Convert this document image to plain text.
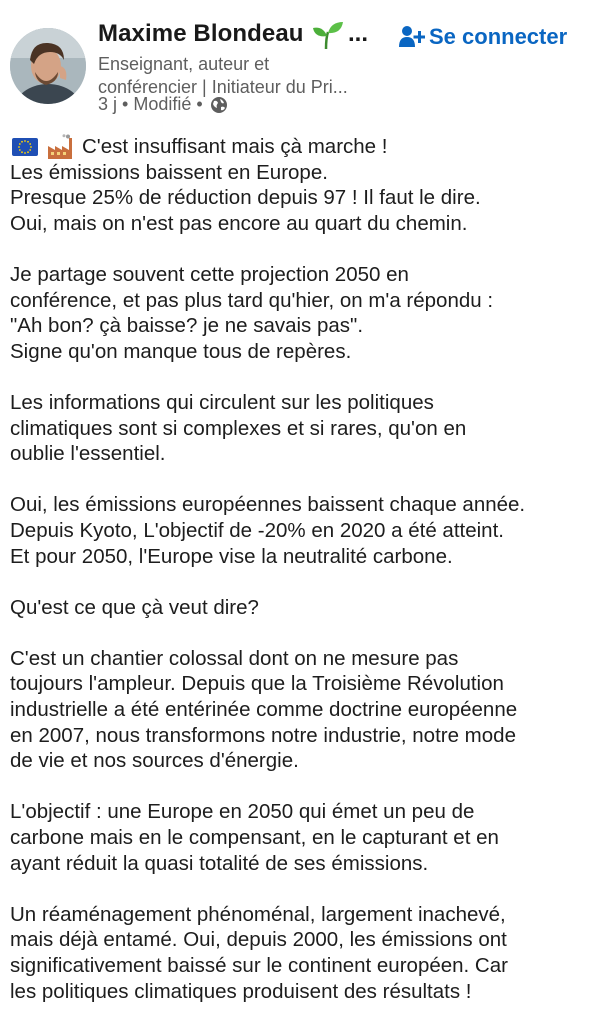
Maxime Blondeau ...	Se connecter
Enseignant, auteur et
conférencier | Initiateur du Pri...
3 j • Modifié •
C'est insuffisant mais çà marche !
Les émissions baissent en Europe.
Presque 25% de réduction depuis 97 ! Il faut le dire.
Oui, mais on n'est pas encore au quart du chemin.
Je partage souvent cette projection 2050 en
conférence, et pas plus tard qu'hier, on m'a répondu :
"Ah bon? çà baisse? je ne savais pas".
Signe qu'on manque tous de repères.
Les informations qui circulent sur les politiques
climatiques sont si complexes et si rares, qu'on en
oublie l'essentiel.
Oui, les émissions européennes baissent chaque année.
Depuis Kyoto, L'objectif de -20% en 2020 a été atteint.
Et pour 2050, l'Europe vise la neutralité carbone.
Qu'est ce que çà veut dire?
C'est un chantier colossal dont on ne mesure pas
toujours l'ampleur. Depuis que la Troisième Révolution
industrielle a été entérinée comme doctrine européenne
en 2007, nous transformons notre industrie, notre mode
de vie et nos sources d'énergie.
L'objectif : une Europe en 2050 qui émet un peu de
carbone mais en le compensant, en le capturant et en
ayant réduit la quasi totalité de ses émissions.
Un réaménagement phénoménal, largement inachevé,
mais déjà entamé. Oui, depuis 2000, les émissions ont
significativement baissé sur le continent européen. Car
les politiques climatiques produisent des résultats !
